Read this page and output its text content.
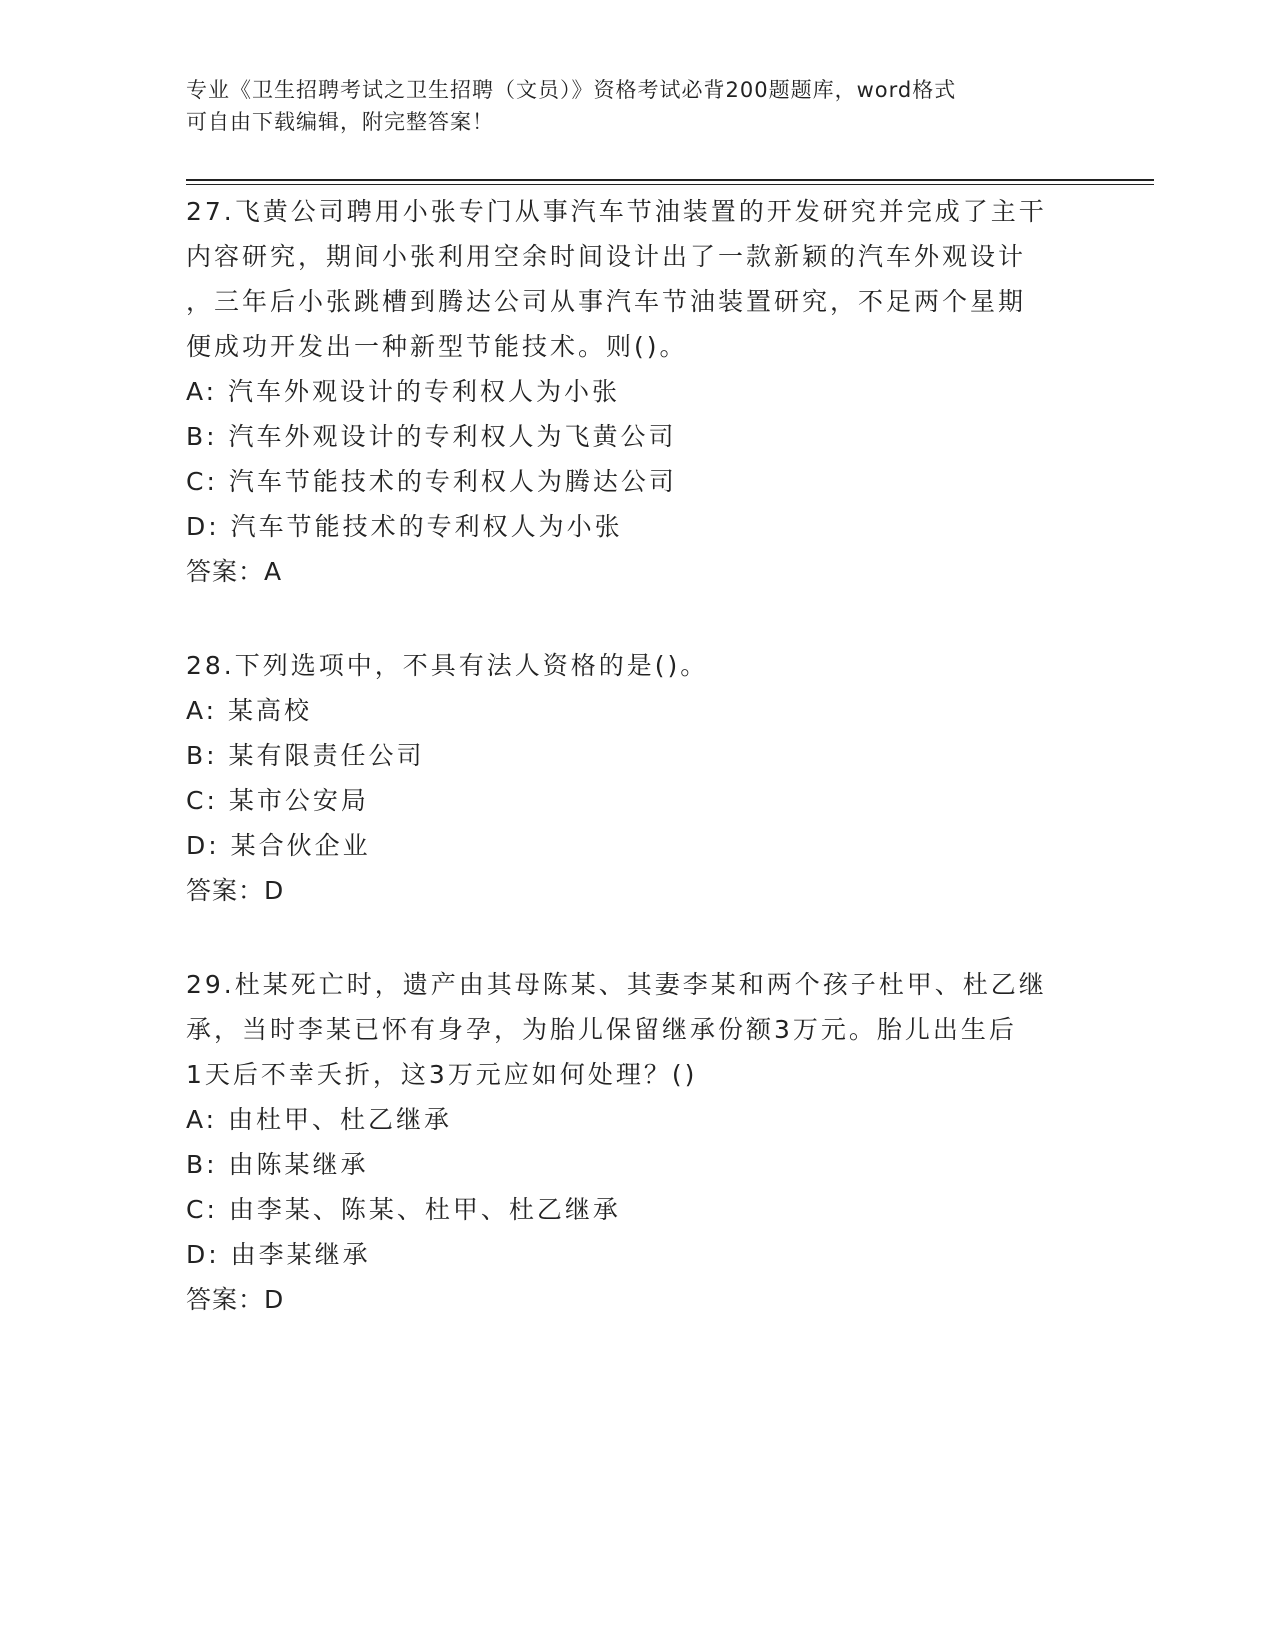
专业《卫生招聘考试之卫生招聘（文员）》资格考试必背200题题库，word格式
可自由下载编辑，附完整答案！
27.飞黄公司聘用小张专门从事汽车节油装置的开发研究并完成了主干
内容研究，期间小张利用空余时间设计出了一款新颖的汽车外观设计
，三年后小张跳槽到腾达公司从事汽车节油装置研究，不足两个星期
便成功开发出一种新型节能技术。则()。
A: 汽车外观设计的专利权人为小张
B: 汽车外观设计的专利权人为飞黄公司
C: 汽车节能技术的专利权人为腾达公司
D: 汽车节能技术的专利权人为小张
答案：A
28.下列选项中，不具有法人资格的是()。
A: 某高校
B: 某有限责任公司
C: 某市公安局
D: 某合伙企业
答案：D
29.杜某死亡时，遗产由其母陈某、其妻李某和两个孩子杜甲、杜乙继
承，当时李某已怀有身孕，为胎儿保留继承份额3万元。胎儿出生后
1天后不幸夭折，这3万元应如何处理？()
A: 由杜甲、杜乙继承
B: 由陈某继承
C: 由李某、陈某、杜甲、杜乙继承
D: 由李某继承
答案：D
